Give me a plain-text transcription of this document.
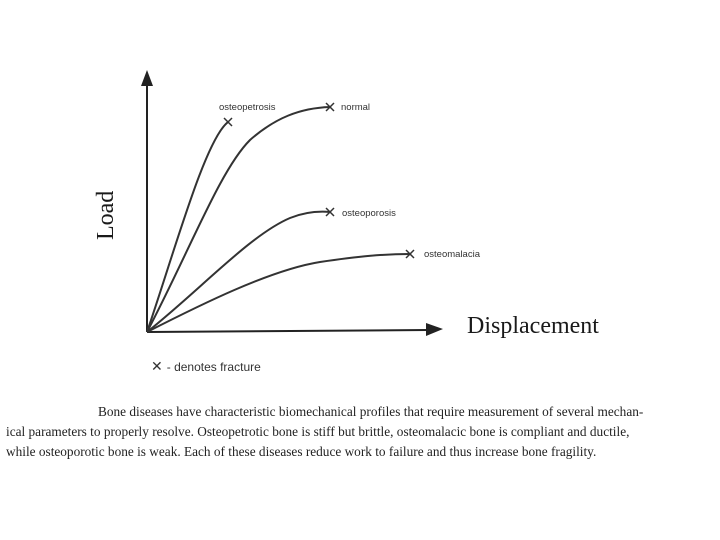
osteopetrosis	normal
osteoporosis
osteomalacia
Load
Displacement
✕ - denotes fracture

Bone diseases have characteristic biomechanical profiles that require measurement of several mechan-

ical parameters to properly resolve. Osteopetrotic bone is stiff but brittle, osteomalacic bone is compliant and ductile,

while osteoporotic bone is weak. Each of these diseases reduce work to failure and thus increase bone fragility.
